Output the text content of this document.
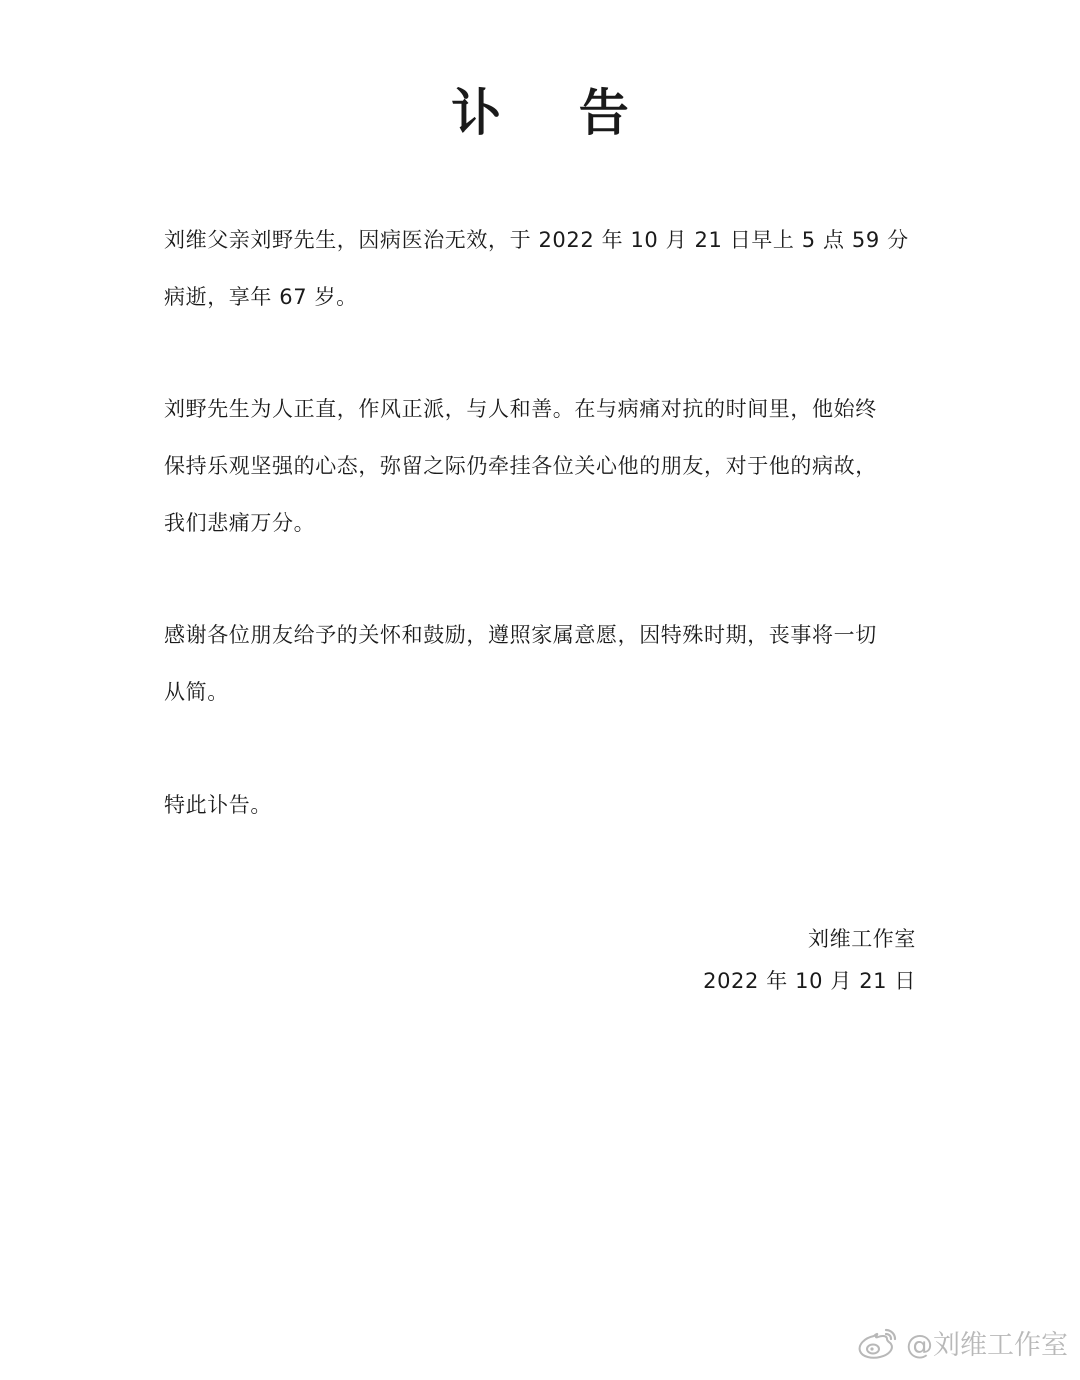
讣 告
刘维父亲刘野先生，因病医治无效，于 2022 年 10 月 21 日早上 5 点 59 分
病逝，享年 67 岁。
刘野先生为人正直，作风正派，与人和善。在与病痛对抗的时间里，他始终
保持乐观坚强的心态，弥留之际仍牵挂各位关心他的朋友，对于他的病故，
我们悲痛万分。
感谢各位朋友给予的关怀和鼓励，遵照家属意愿，因特殊时期，丧事将一切
从简。
特此讣告。
刘维工作室
2022 年 10 月 21 日
@刘维工作室
